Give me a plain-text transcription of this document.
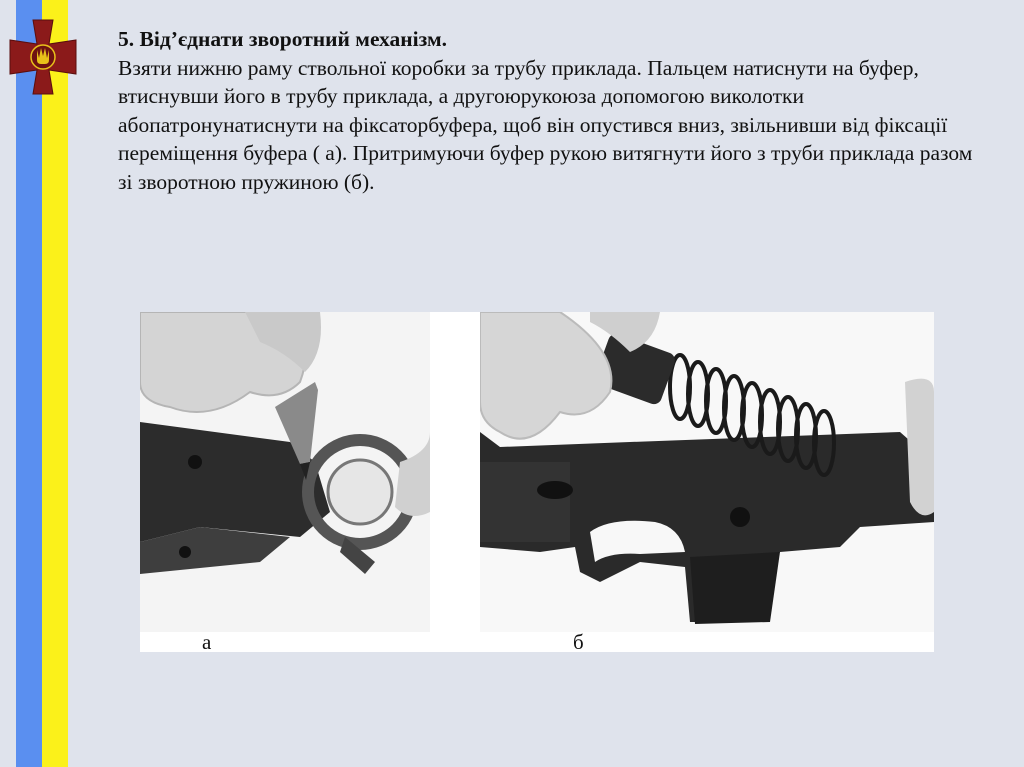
5. Від’єднати зворотний механізм.

Взяти нижню раму ствольної коробки за трубу приклада. Пальцем натиснути на буфер, втиснувши його в трубу приклада, а другоюрукоюза допомогою виколотки абопатронунатиснути на фіксаторбуфера, щоб він опустився вниз, звільнивши від фіксації переміщення буфера ( а). Притримуючи буфер рукою витягнути його з труби приклада разом зі зворотною пружиною (б).

а	б
